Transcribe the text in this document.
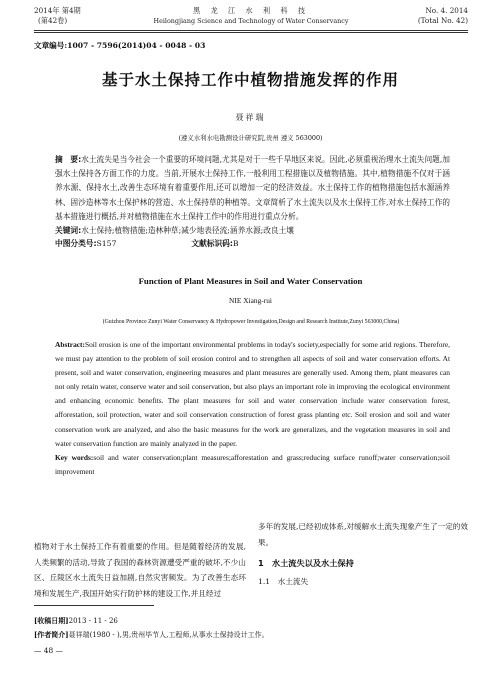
2014年 第4期
(第42卷)
黑 龙 江 水 利 科 技
Heilongjiang Science and Technology of Water Conservancy
No. 4. 2014
(Total No. 42)
文章编号:1007 - 7596(2014)04 - 0048 - 03
基于水土保持工作中植物措施发挥的作用
聂祥瑞
(遵义水利水电勘测设计研究院,贵州 遵义 563000)
摘　要:水土流失是当今社会一个重要的环境问题,尤其是对于一些千旱地区来说。因此,必须重视治理水土流失问题,加强水土保持各方面工作的力度。当前,开展水土保持工作,一般利用工程措施以及植物措施。其中,植物措施不仅对于涵养水源、保持水土,改善生态环境有着重要作用,还可以增加一定的经济效益。水土保持工作的植物措施包括水源涵养林、固沙造林等水土保护林的营造、水土保持草的种植等。文章简析了水土流失以及水土保持工作,对水土保持工作的基本措施进行概括,并对植物措施在水土保持工作中的作用进行重点分析。
关键词:水土保持;植物措施;造林种草;减少地表径流;涵养水源;改良土壤
中图分类号:S157	文献标识码:B
Function of Plant Measures in Soil and Water Conservation
NIE Xiang-rui
(Guizhou Province Zunyi Water Conservancy & Hydropower Investigation,Design and Research Institute,Zunyi 563000,China)
Abstract:Soil erosion is one of the important environmental problems in today's society,especially for some arid regions. Therefore, we must pay attention to the problem of soil erosion control and to strengthen all aspects of soil and water conservation efforts. At present, soil and water conservation, engineering measures and plant measures are generally used. Among them, plant measures can not only retain water, conserve water and soil conservation, but also plays an important role in improving the ecological environment and enhancing economic benefits. The plant measures for soil and water conservation include water conservation forest, afforestation, soil protection, water and soil conservation construction of forest grass planting etc. Soil erosion and soil and water conservation work are analyzed, and also the basic measures for the work are generalizes, and the vegetation measures in soil and water conservation function are mainly analyzed in the paper.
Key words:soil and water conservation;plant measures;afforestation and grass;reducing surface runoff;water conservation;soil improvement
植物对于水土保持工作有着重要的作用。但是随着经济的发展,人类频繁的活动,导致了我国的森林资源遭受严重的破坏,不少山区、丘陵区水土流失日益加剧,自然灾害频发。为了改善生态环境和发展生产,我国开始实行防护林的建设工作,并且经过
多年的发展,已经初成体系,对缓解水土流失现象产生了一定的效果。
1　水土流失以及水土保持
1.1　水土流失
[收稿日期]2013 - 11 - 26
[作者简介]聂祥瑞(1980 - ),男,贵州毕节人,工程师,从事水土保持设计工作。
— 48 —
